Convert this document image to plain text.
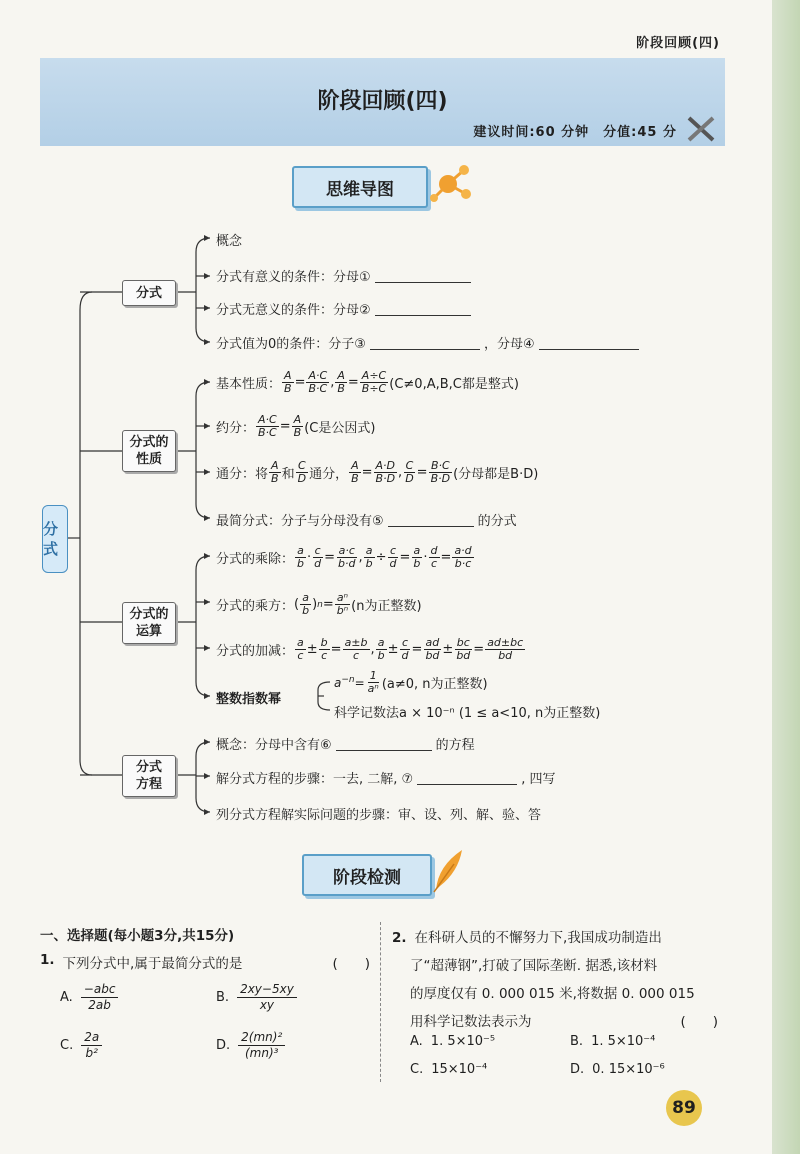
阶段回顾(四)
阶段回顾(四)
建议时间:60 分钟　分值:45 分
思维导图
分式
分式
分式的
性质
分式的
运算
分式
方程
概念
分式有意义的条件：分母①
分式无意义的条件：分母②
分式值为0的条件：分子③	，分母④
基本性质： $\frac{A}{B} = \frac{A\cdot C}{B\cdot C}$ , $\frac{A}{B} = \frac{A\div C}{B\div C} (C\ne 0,A,B,C$都是整式)
约分： $\frac{A\cdot C}{B\cdot C} = \frac{A}{B} (C$是公因式)
通分：将 $\frac{A}{B}$ 和 $\frac{C}{D}$ 通分， $\frac{A}{B} = \frac{A\cdot D}{B\cdot D}$ , $\frac{C}{D} = \frac{B\cdot C}{B\cdot D}$ (分母都是B·D)
最简分式：分子与分母没有⑤	的分式
分式的乘除： $\frac{a}{b} \cdot \frac{c}{d} = \frac{a\cdot c}{b\cdot d}$ , $\frac{a}{b} \div \frac{c}{d} = \frac{a}{b} \cdot \frac{d}{c} = \frac{a\cdot d}{b\cdot c}$
分式的乘方： ( $\frac{a}{b}$ ) $n = \frac{\text{aⁿ}}{\text{bⁿ}} (n$为正整数)
分式的加减： $\frac{a}{c} \pm \frac{b}{c} = \frac{a\pm b}{c}$ , $\frac{a}{b} \pm \frac{c}{d} = \frac{ad}{bd} \pm \frac{bc}{bd} = \frac{ad\pm bc}{bd}$
整数指数幂
$a^{-n}= \frac{1}{\text{aⁿ}} (a\ne 0$, n为正整数)
科学记数法a × 10⁻ⁿ (1 ≤ a<10, n为正整数)
概念：分母中含有⑥	的方程
解分式方程的步骤：一去, 二解, ⑦	, 四写
列分式方程解实际问题的步骤：审、设、列、解、验、答
阶段检测
一、选择题(每小题3分,共15分)
1. 下列分式中,属于最简分式的是	(　　)
A.
−abc
2ab	B.
2xy−5xy
xy
C.
2a
b²	D.
2(mn)²
(mn)³
2. 在科研人员的不懈努力下,我国成功制造出
了“超薄钢”,打破了国际垄断. 据悉,该材料
的厚度仅有 0. 000 015 米,将数据 0. 000 015
用科学记数法表示为	(　　)
A. 1. 5×10⁻⁵	B. 1. 5×10⁻⁴
C. 15×10⁻⁴	D. 0. 15×10⁻⁶
89
